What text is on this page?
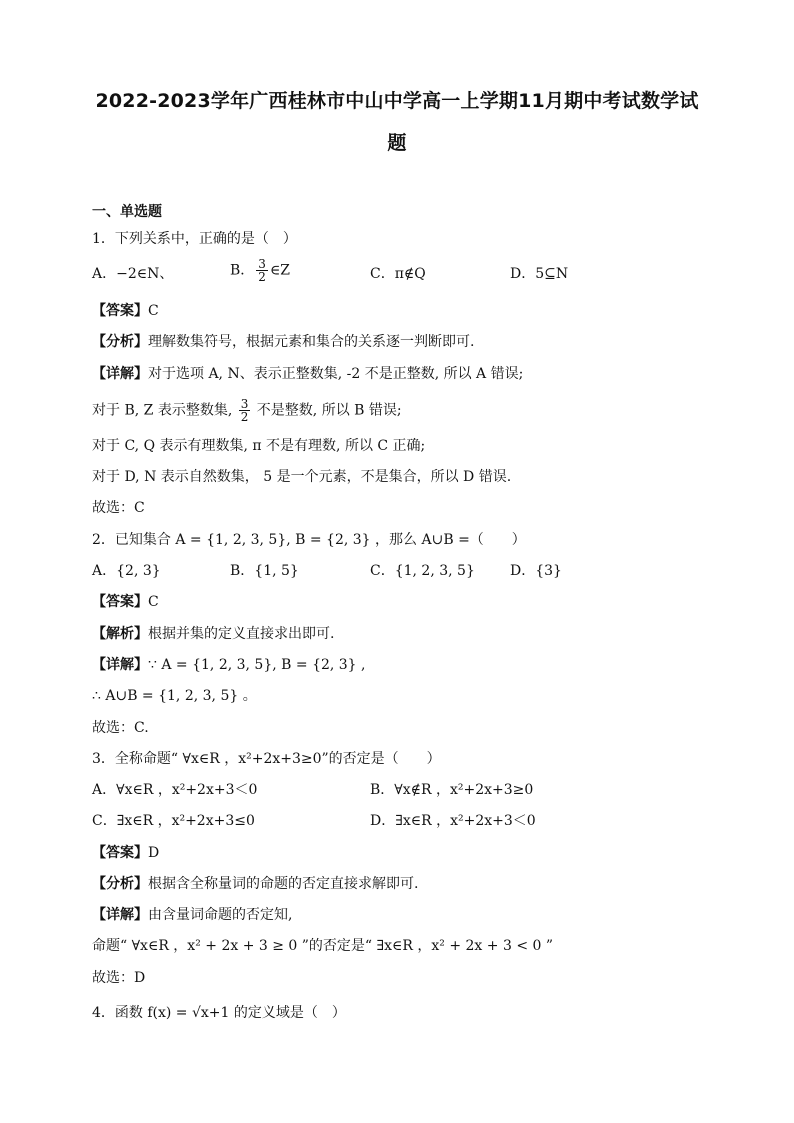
2022-2023学年广西桂林市中山中学高一上学期11月期中考试数学试
题
一、单选题
1．下列关系中，正确的是（　）
A．−2∈N、	B． $\frac{3}{2}$ ∈Z	C．π∉Q	D．5⊆N
【答案】C
【分析】理解数集符号，根据元素和集合的关系逐一判断即可.
【详解】对于选项 A, N、表示正整数集, -2 不是正整数, 所以 A 错误;
对于 B, Z 表示整数集, $\frac{3}{2}$ 不是整数, 所以 B 错误;
对于 C, Q 表示有理数集, π 不是有理数, 所以 C 正确;
对于 D, N 表示自然数集， 5 是一个元素，不是集合，所以 D 错误.
故选：C
2．已知集合 A = {1, 2, 3, 5}, B = {2, 3} ，那么 A∪B =（　　）
A．{2, 3}	B．{1, 5}	C．{1, 2, 3, 5}	D．{3}
【答案】C
【解析】根据并集的定义直接求出即可.
【详解】∵ A = {1, 2, 3, 5}, B = {2, 3} ,
∴ A∪B = {1, 2, 3, 5} 。
故选：C.
3．全称命题“ ∀x∈R ，x²+2x+3≥0”的否定是（　　）
A．∀x∈R ，x²+2x+3＜0	B．∀x∉R ，x²+2x+3≥0
C．∃x∈R ，x²+2x+3≤0	D．∃x∈R ，x²+2x+3＜0
【答案】D
【分析】根据含全称量词的命题的否定直接求解即可.
【详解】由含量词命题的否定知,
命题“ ∀x∈R ，x² + 2x + 3 ≥ 0 ”的否定是“ ∃x∈R ，x² + 2x + 3 < 0 ”
故选：D
4．函数 f(x) = √x+1 的定义域是（　）
